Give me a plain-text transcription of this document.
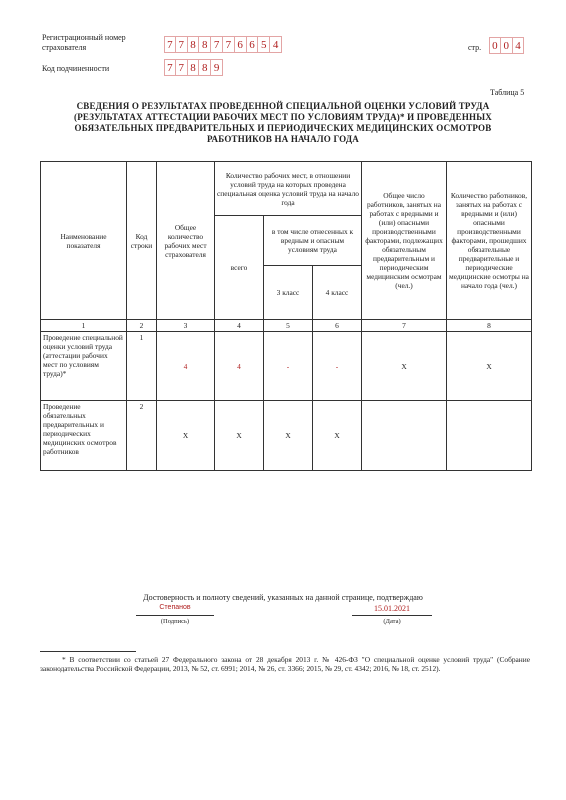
Регистрационный номер страхователя	7 7 8 8 7 7 6 6 5 4
Код подчиненности	7 7 8 8 9
стр. 0 0 4
Таблица 5
СВЕДЕНИЯ О РЕЗУЛЬТАТАХ ПРОВЕДЕННОЙ СПЕЦИАЛЬНОЙ ОЦЕНКИ УСЛОВИЙ ТРУДА (РЕЗУЛЬТАТАХ АТТЕСТАЦИИ РАБОЧИХ МЕСТ ПО УСЛОВИЯМ ТРУДА)* И ПРОВЕДЕННЫХ ОБЯЗАТЕЛЬНЫХ ПРЕДВАРИТЕЛЬНЫХ И ПЕРИОДИЧЕСКИХ МЕДИЦИНСКИХ ОСМОТРОВ РАБОТНИКОВ НА НАЧАЛО ГОДА
Наименование показателя	Код строки	Общее количество рабочих мест страхователя	Количество рабочих мест, в отношении условий труда на которых проведена специальная оценка условий труда на начало года			Общее число работников, занятых на работах с вредными и (или) опасными производственными факторами, подлежащих обязательным предварительным и периодическим медицинским осмотрам (чел.)	Количество работников, занятых на работах с вредными и (или) опасными производственными факторами, прошедших обязательные предварительные и периодические медицинские осмотры на начало года (чел.)
			всего	в том числе отнесенных к вредным и опасным условиям труда			
				3 класс	4 класс		
1	2	3	4	5	6	7	8
Проведение специальной оценки условий труда (аттестации рабочих мест по условиям труда)*	1	4	4	-	-	Х	Х
Проведение обязательных предварительных и периодических медицинских осмотров работников	2	Х	Х	Х	Х		
Достоверность и полноту сведений, указанных на данной странице, подтверждаю
Степанов
(Подпись)
15.01.2021
(Дата)
* В соответствии со статьей 27 Федерального закона от 28 декабря 2013 г. № 426-ФЗ "О специальной оценке условий труда" (Собрание законодательства Российской Федерации, 2013, № 52, ст. 6991; 2014, № 26, ст. 3366; 2015, № 29, ст. 4342; 2016, № 18, ст. 2512).
